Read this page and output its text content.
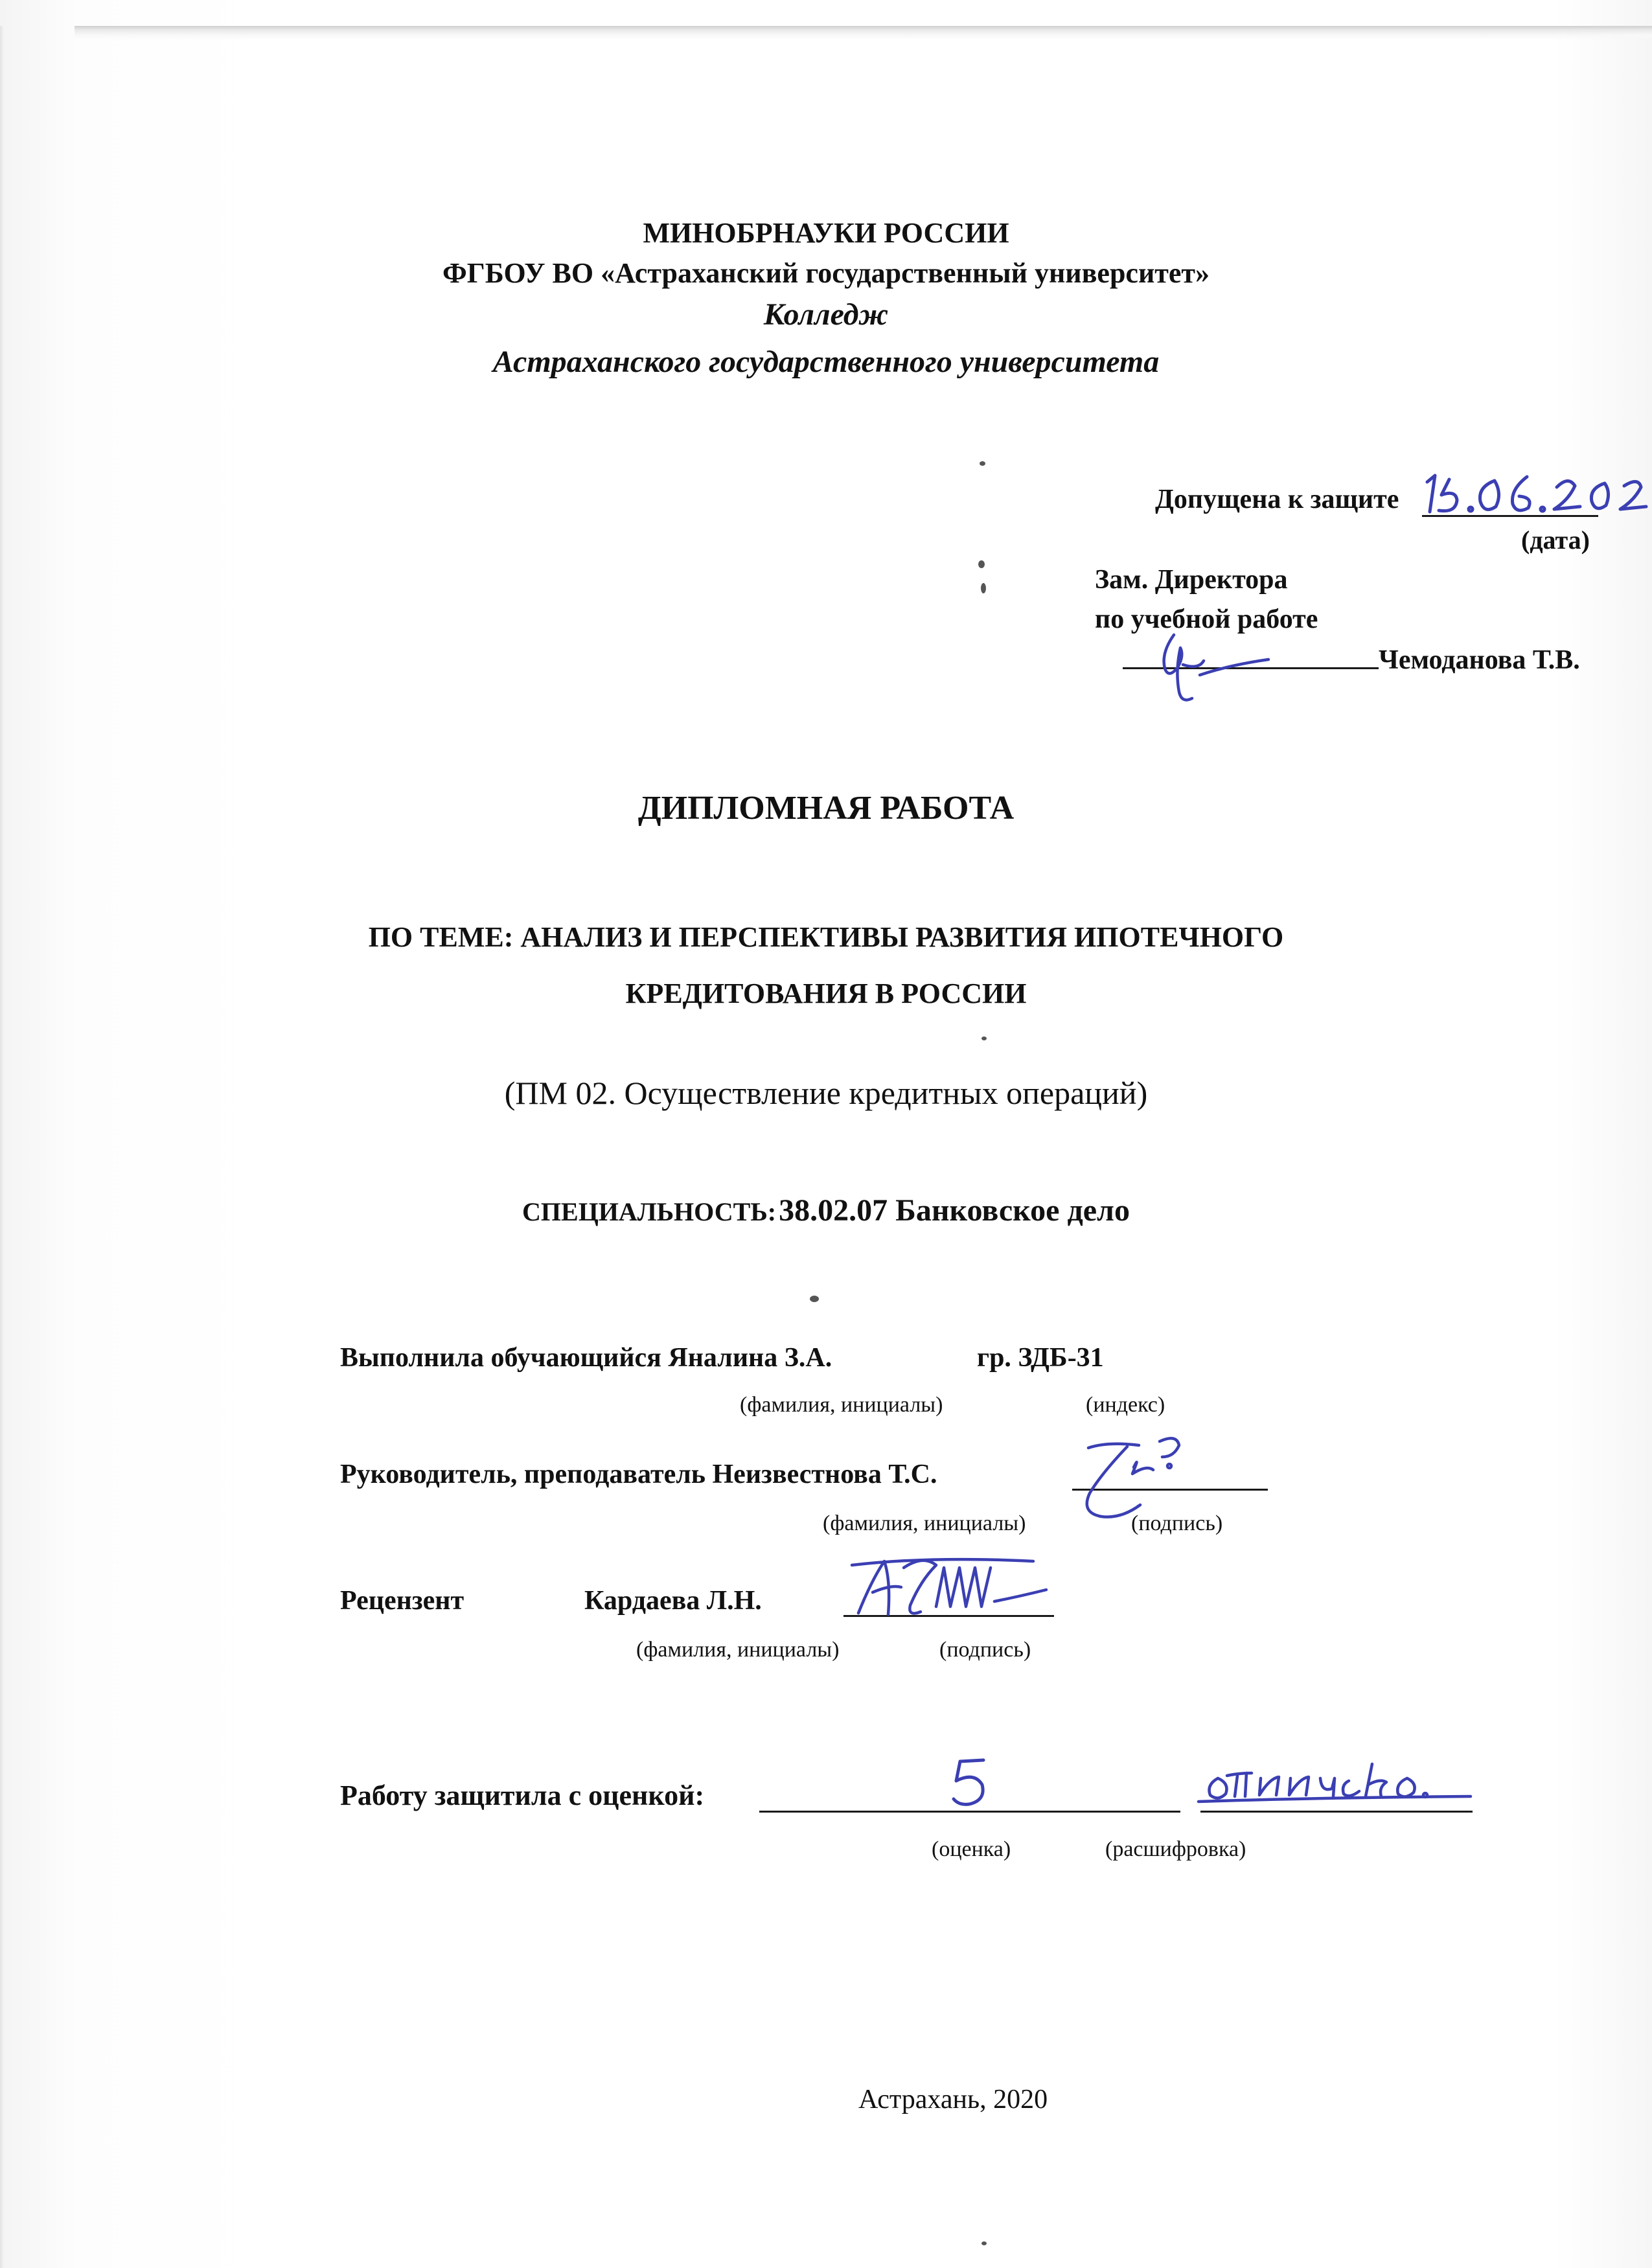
МИНОБРНАУКИ РОССИИ
ФГБОУ ВО «Астраханский государственный университет»
Колледж
Астраханского государственного университета
Допущена к защите
(дата)
Зам. Директора
по учебной работе
Чемоданова Т.В.
ДИПЛОМНАЯ РАБОТА
ПО ТЕМЕ: АНАЛИЗ И ПЕРСПЕКТИВЫ РАЗВИТИЯ ИПОТЕЧНОГО
КРЕДИТОВАНИЯ В РОССИИ
(ПМ 02. Осуществление кредитных операций)
СПЕЦИАЛЬНОСТЬ: 38.02.07 Банковское дело
Выполнила обучающийся Яналина З.А.	гр. ЗДБ-31
(фамилия, инициалы)	(индекс)
Руководитель, преподаватель Неизвестнова Т.С.
(фамилия, инициалы)	(подпись)
Рецензент	Кардаева Л.Н.
(фамилия, инициалы)	(подпись)
Работу защитила с оценкой:
(оценка)	(расшифровка)
Астрахань, 2020
